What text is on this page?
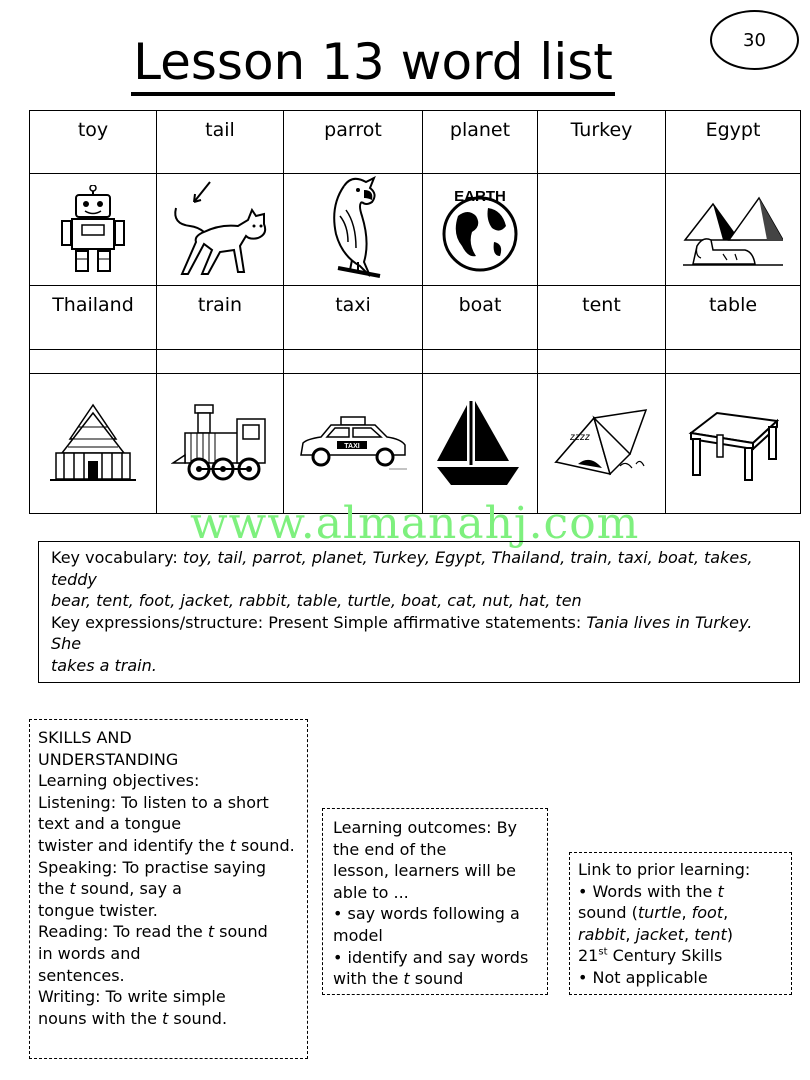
30
Lesson 13 word list
toy	tail	parrot	planet	Turkey	Egypt

EARTH

Thailand	train	taxi	boat	tent	table

TAXI		zzzz

www.almanahj.com

Key vocabulary: toy, tail, parrot, planet, Turkey, Egypt, Thailand, train, taxi, boat, takes, teddy

bear, tent, foot, jacket, rabbit, table, turtle, boat, cat, nut, hat, ten

Key expressions/structure: Present Simple affirmative statements: Tania lives in Turkey. She

takes a train.

SKILLS AND

UNDERSTANDING

Learning objectives:

Listening: To listen to a short

text and a tongue

twister and identify the t sound.

Speaking: To practise saying

the t sound, say a

tongue twister.

Reading: To read the t sound

in words and

sentences.

Writing: To write simple

nouns with the t sound.

Learning outcomes: By

the end of the

lesson, learners will be

able to ...

• say words following a

model

• identify and say words

with the t sound

Link to prior learning:

• Words with the t

sound (turtle, foot,

rabbit, jacket, tent)

21st Century Skills

• Not applicable
